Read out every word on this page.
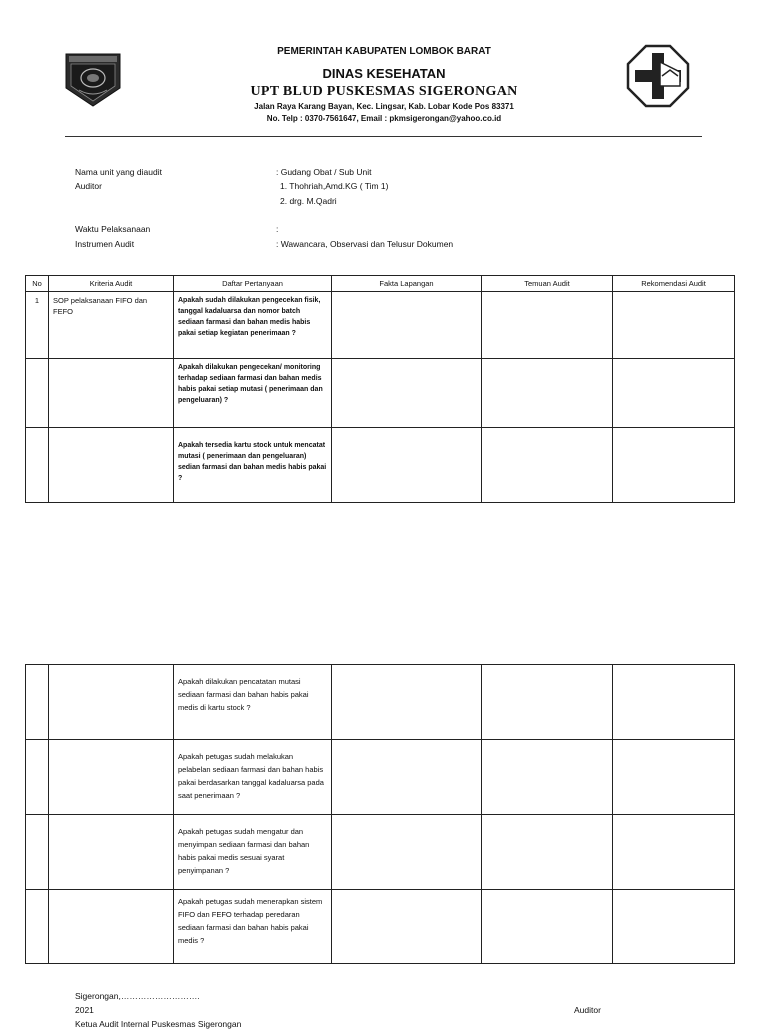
PEMERINTAH KABUPATEN LOMBOK BARAT
DINAS KESEHATAN
UPT BLUD PUSKESMAS SIGERONGAN
Jalan Raya Karang Bayan, Kec. Lingsar, Kab. Lobar Kode Pos 83371
No. Telp : 0370-7561647, Email : pkmsigerongan@yahoo.co.id
Nama unit yang diaudit	: Gudang Obat / Sub Unit
Auditor	1. Thohriah,Amd.KG ( Tim 1)
2. drg. M.Qadri
Waktu Pelaksanaan	:
Instrumen Audit	: Wawancara, Observasi dan Telusur Dokumen
No	Kriteria Audit	Daftar Pertanyaan	Fakta Lapangan	Temuan Audit	Rekomendasi Audit
1	SOP pelaksanaan FIFO dan FEFO	Apakah sudah dilakukan pengecekan fisik, tanggal kadaluarsa dan nomor batch sediaan farmasi dan bahan medis habis pakai setiap kegiatan penerimaan ?			
		Apakah dilakukan pengecekan/ monitoring terhadap sediaan farmasi dan bahan medis habis pakai setiap mutasi ( penerimaan dan pengeluaran) ?			
		Apakah tersedia kartu stock untuk mencatat mutasi ( penerimaan dan pengeluaran) sedian farmasi dan bahan medis habis pakai ?			
		Apakah dilakukan pencatatan mutasi sediaan farmasi dan bahan habis pakai medis di kartu stock ?			
		Apakah petugas sudah melakukan pelabelan sediaan farmasi dan bahan habis pakai berdasarkan tanggal kadaluarsa pada saat penerimaan ?			
		Apakah petugas sudah mengatur dan menyimpan sediaan farmasi dan bahan habis pakai medis sesuai syarat penyimpanan ?			
		Apakah petugas sudah menerapkan sistem FIFO dan FEFO terhadap peredaran sediaan farmasi dan bahan habis pakai medis ?			
Sigerongan,……………………….
2021
Ketua Audit Internal Puskesmas Sigerongan
Auditor
